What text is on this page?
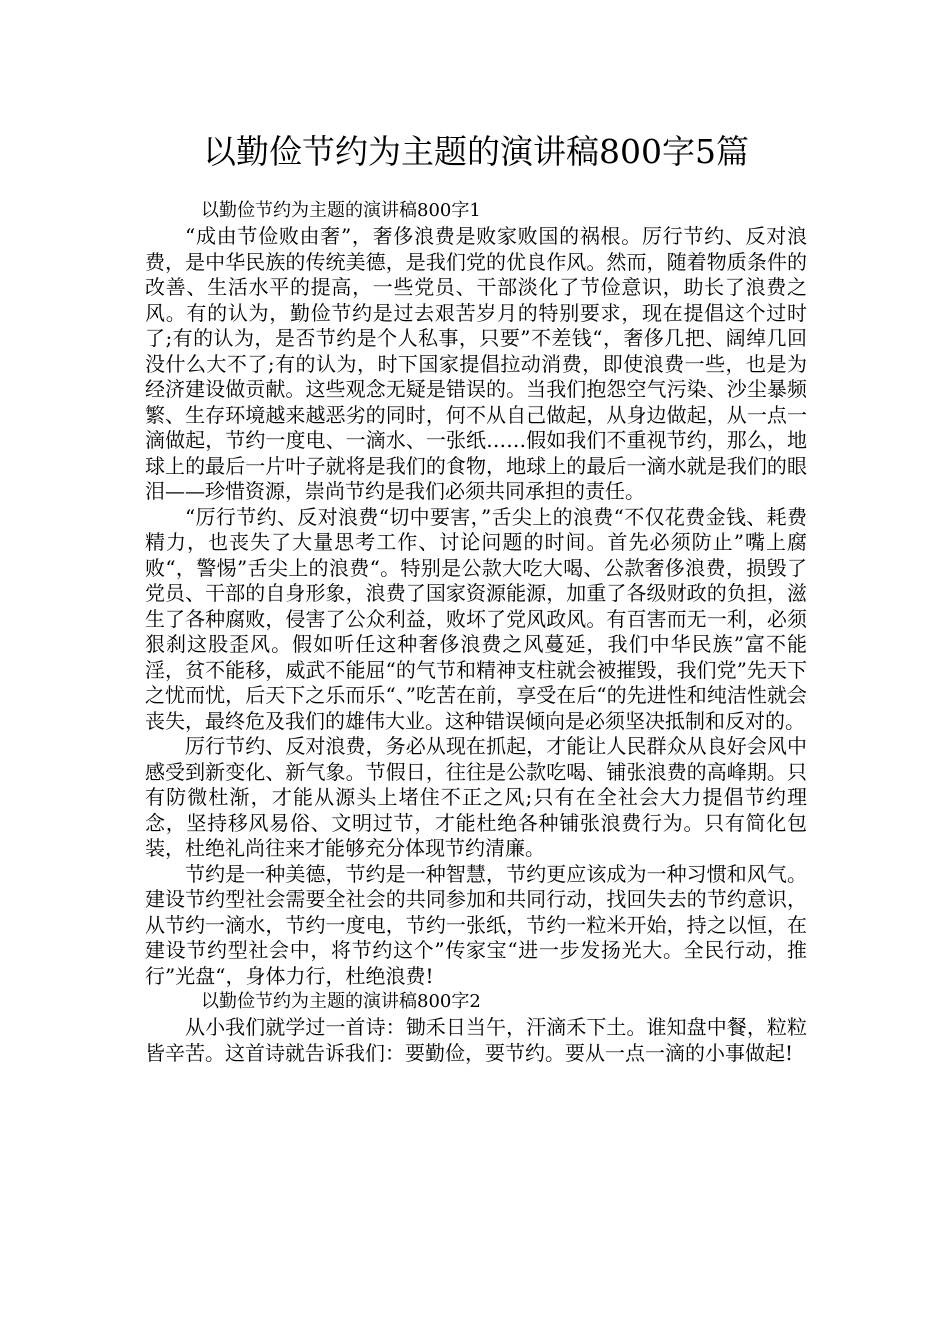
以勤俭节约为主题的演讲稿800字5篇

以勤俭节约为主题的演讲稿800字1

“成由节俭败由奢”，奢侈浪费是败家败国的祸根。厉行节约、反对浪费，是中华民族的传统美德，是我们党的优良作风。然而，随着物质条件的改善、生活水平的提高，一些党员、干部淡化了节俭意识，助长了浪费之风。有的认为，勤俭节约是过去艰苦岁月的特别要求，现在提倡这个过时了;有的认为，是否节约是个人私事，只要”不差钱“，奢侈几把、阔绰几回没什么大不了;有的认为，时下国家提倡拉动消费，即使浪费一些，也是为经济建设做贡献。这些观念无疑是错误的。当我们抱怨空气污染、沙尘暴频繁、生存环境越来越恶劣的同时，何不从自己做起，从身边做起，从一点一滴做起，节约一度电、一滴水、一张纸……假如我们不重视节约，那么，地球上的最后一片叶子就将是我们的食物，地球上的最后一滴水就是我们的眼泪——珍惜资源，崇尚节约是我们必须共同承担的责任。

“厉行节约、反对浪费“切中要害，”舌尖上的浪费“不仅花费金钱、耗费精力，也丧失了大量思考工作、讨论问题的时间。首先必须防止”嘴上腐败“，警惕”舌尖上的浪费“。特别是公款大吃大喝、公款奢侈浪费，损毁了党员、干部的自身形象，浪费了国家资源能源，加重了各级财政的负担，滋生了各种腐败，侵害了公众利益，败坏了党风政风。有百害而无一利，必须狠刹这股歪风。假如听任这种奢侈浪费之风蔓延，我们中华民族”富不能淫，贫不能移，威武不能屈“的气节和精神支柱就会被摧毁，我们党”先天下之忧而忧，后天下之乐而乐“、”吃苦在前，享受在后“的先进性和纯洁性就会丧失，最终危及我们的雄伟大业。这种错误倾向是必须坚决抵制和反对的。

厉行节约、反对浪费，务必从现在抓起，才能让人民群众从良好会风中感受到新变化、新气象。节假日，往往是公款吃喝、铺张浪费的高峰期。只有防微杜渐，才能从源头上堵住不正之风;只有在全社会大力提倡节约理念，坚持移风易俗、文明过节，才能杜绝各种铺张浪费行为。只有简化包装，杜绝礼尚往来才能够充分体现节约清廉。

节约是一种美德，节约是一种智慧，节约更应该成为一种习惯和风气。建设节约型社会需要全社会的共同参加和共同行动，找回失去的节约意识，从节约一滴水，节约一度电，节约一张纸，节约一粒米开始，持之以恒，在建设节约型社会中，将节约这个”传家宝“进一步发扬光大。全民行动，推行”光盘“，身体力行，杜绝浪费!

以勤俭节约为主题的演讲稿800字2

从小我们就学过一首诗：锄禾日当午，汗滴禾下土。谁知盘中餐，粒粒皆辛苦。这首诗就告诉我们：要勤俭，要节约。要从一点一滴的小事做起!
